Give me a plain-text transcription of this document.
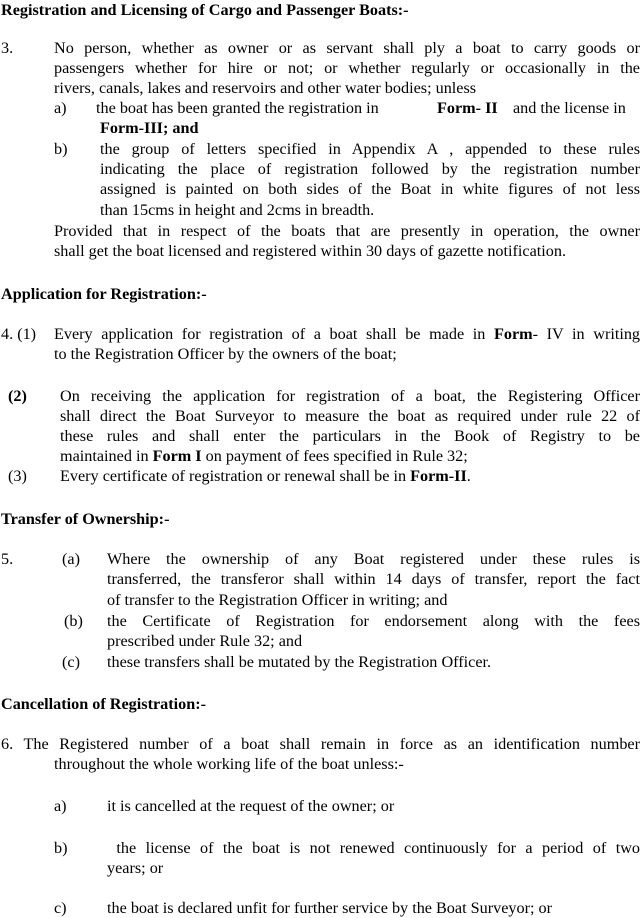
Registration and Licensing of Cargo and Passenger Boats:-
3.	No person, whether as owner or as servant shall ply a boat to carry goods or
passengers whether for hire or not; or whether regularly or occasionally in the
rivers, canals, lakes and reservoirs and other water bodies; unless
a) the boat has been granted the registration in	Form- II and the license in
Form-III; and
b) the group of letters specified in Appendix A , appended to these rules
indicating the place of registration followed by the registration number
assigned is painted on both sides of the Boat in white figures of not less
than 15cms in height and 2cms in breadth.
Provided that in respect of the boats that are presently in operation, the owner
shall get the boat licensed and registered within 30 days of gazette notification.
Application for Registration:-
4. (1) Every application for registration of a boat shall be made in Form- IV in writing
to the Registration Officer by the owners of the boat;
(2) On receiving the application for registration of a boat, the Registering Officer
shall direct the Boat Surveyor to measure the boat as required under rule 22 of
these rules and shall enter the particulars in the Book of Registry to be
maintained in Form I on payment of fees specified in Rule 32;
(3) Every certificate of registration or renewal shall be in Form-II.
Transfer of Ownership:-
5.	(a) Where the ownership of any Boat registered under these rules is
transferred, the transferor shall within 14 days of transfer, report the fact
of transfer to the Registration Officer in writing; and
(b) the Certificate of Registration for endorsement along with the fees
prescribed under Rule 32; and
(c) these transfers shall be mutated by the Registration Officer.
Cancellation of Registration:-
6. The Registered number of a boat shall remain in force as an identification number
throughout the whole working life of the boat unless:-
a) it is cancelled at the request of the owner; or
b) the license of the boat is not renewed continuously for a period of two
years; or
c) the boat is declared unfit for further service by the Boat Surveyor; or
